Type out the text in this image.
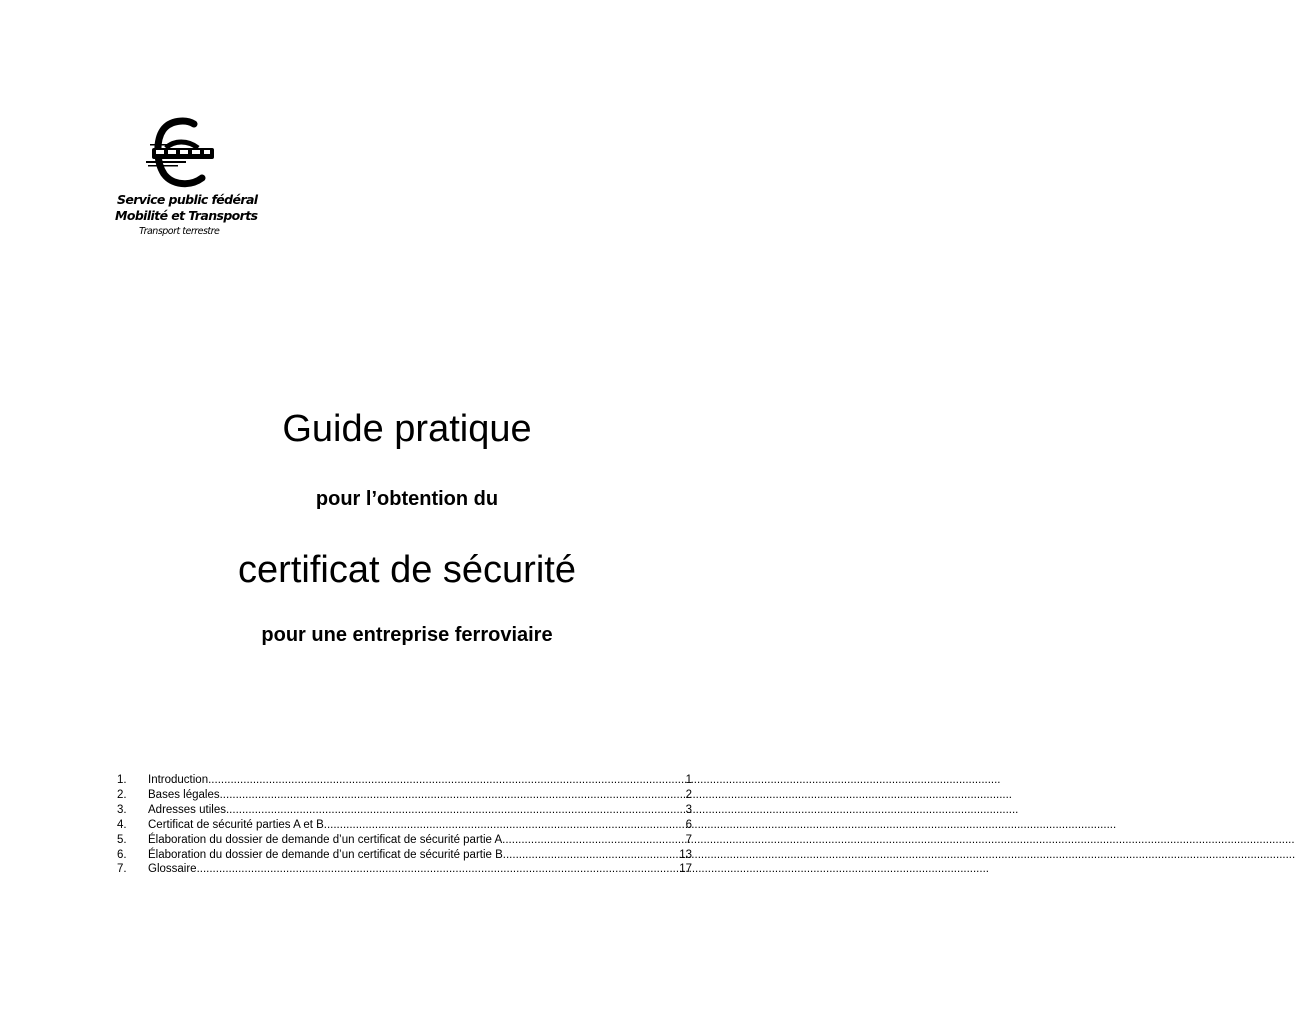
Service public fédéral
Mobilité et Transports
Transport terrestre
Guide pratique
pour l’obtention du
certificat de sécurité
pour une entreprise ferroviaire
1.	Introduction .....	1
2.	Bases légales .....	2
3.	Adresses utiles .....	3
4.	Certificat de sécurité parties A et B .....	6
5.	Élaboration du dossier de demande d’un certificat de sécurité partie A .....	7
6.	Élaboration du dossier de demande d’un certificat de sécurité partie B .....	13
7.	Glossaire .....	17
